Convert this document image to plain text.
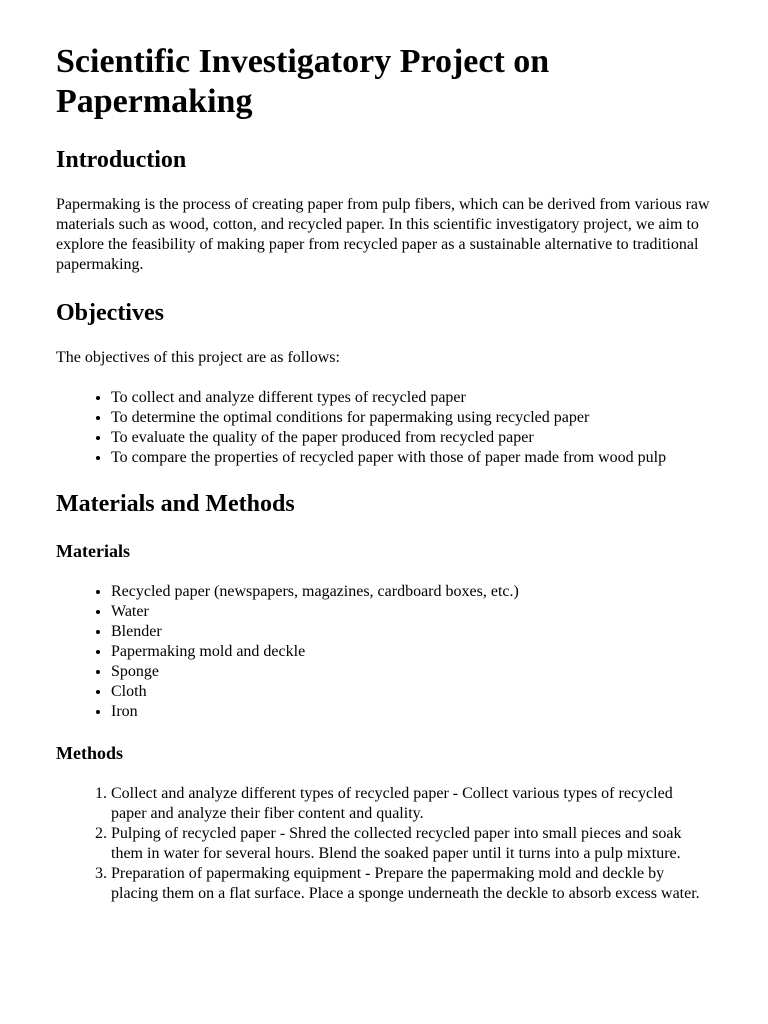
Scientific Investigatory Project on Papermaking
Introduction

Papermaking is the process of creating paper from pulp fibers, which can be derived from various raw materials such as wood, cotton, and recycled paper. In this scientific investigatory project, we aim to explore the feasibility of making paper from recycled paper as a sustainable alternative to traditional papermaking.

Objectives

The objectives of this project are as follows:

• To collect and analyze different types of recycled paper
• To determine the optimal conditions for papermaking using recycled paper
• To evaluate the quality of the paper produced from recycled paper
• To compare the properties of recycled paper with those of paper made from wood pulp
Materials and Methods
Materials
• Recycled paper (newspapers, magazines, cardboard boxes, etc.)
• Water
• Blender
• Papermaking mold and deckle
• Sponge
• Cloth
• Iron
Methods
1. Collect and analyze different types of recycled paper - Collect various types of recycled paper and analyze their fiber content and quality.
2. Pulping of recycled paper - Shred the collected recycled paper into small pieces and soak them in water for several hours. Blend the soaked paper until it turns into a pulp mixture.
3. Preparation of papermaking equipment - Prepare the papermaking mold and deckle by placing them on a flat surface. Place a sponge underneath the deckle to absorb excess water.
